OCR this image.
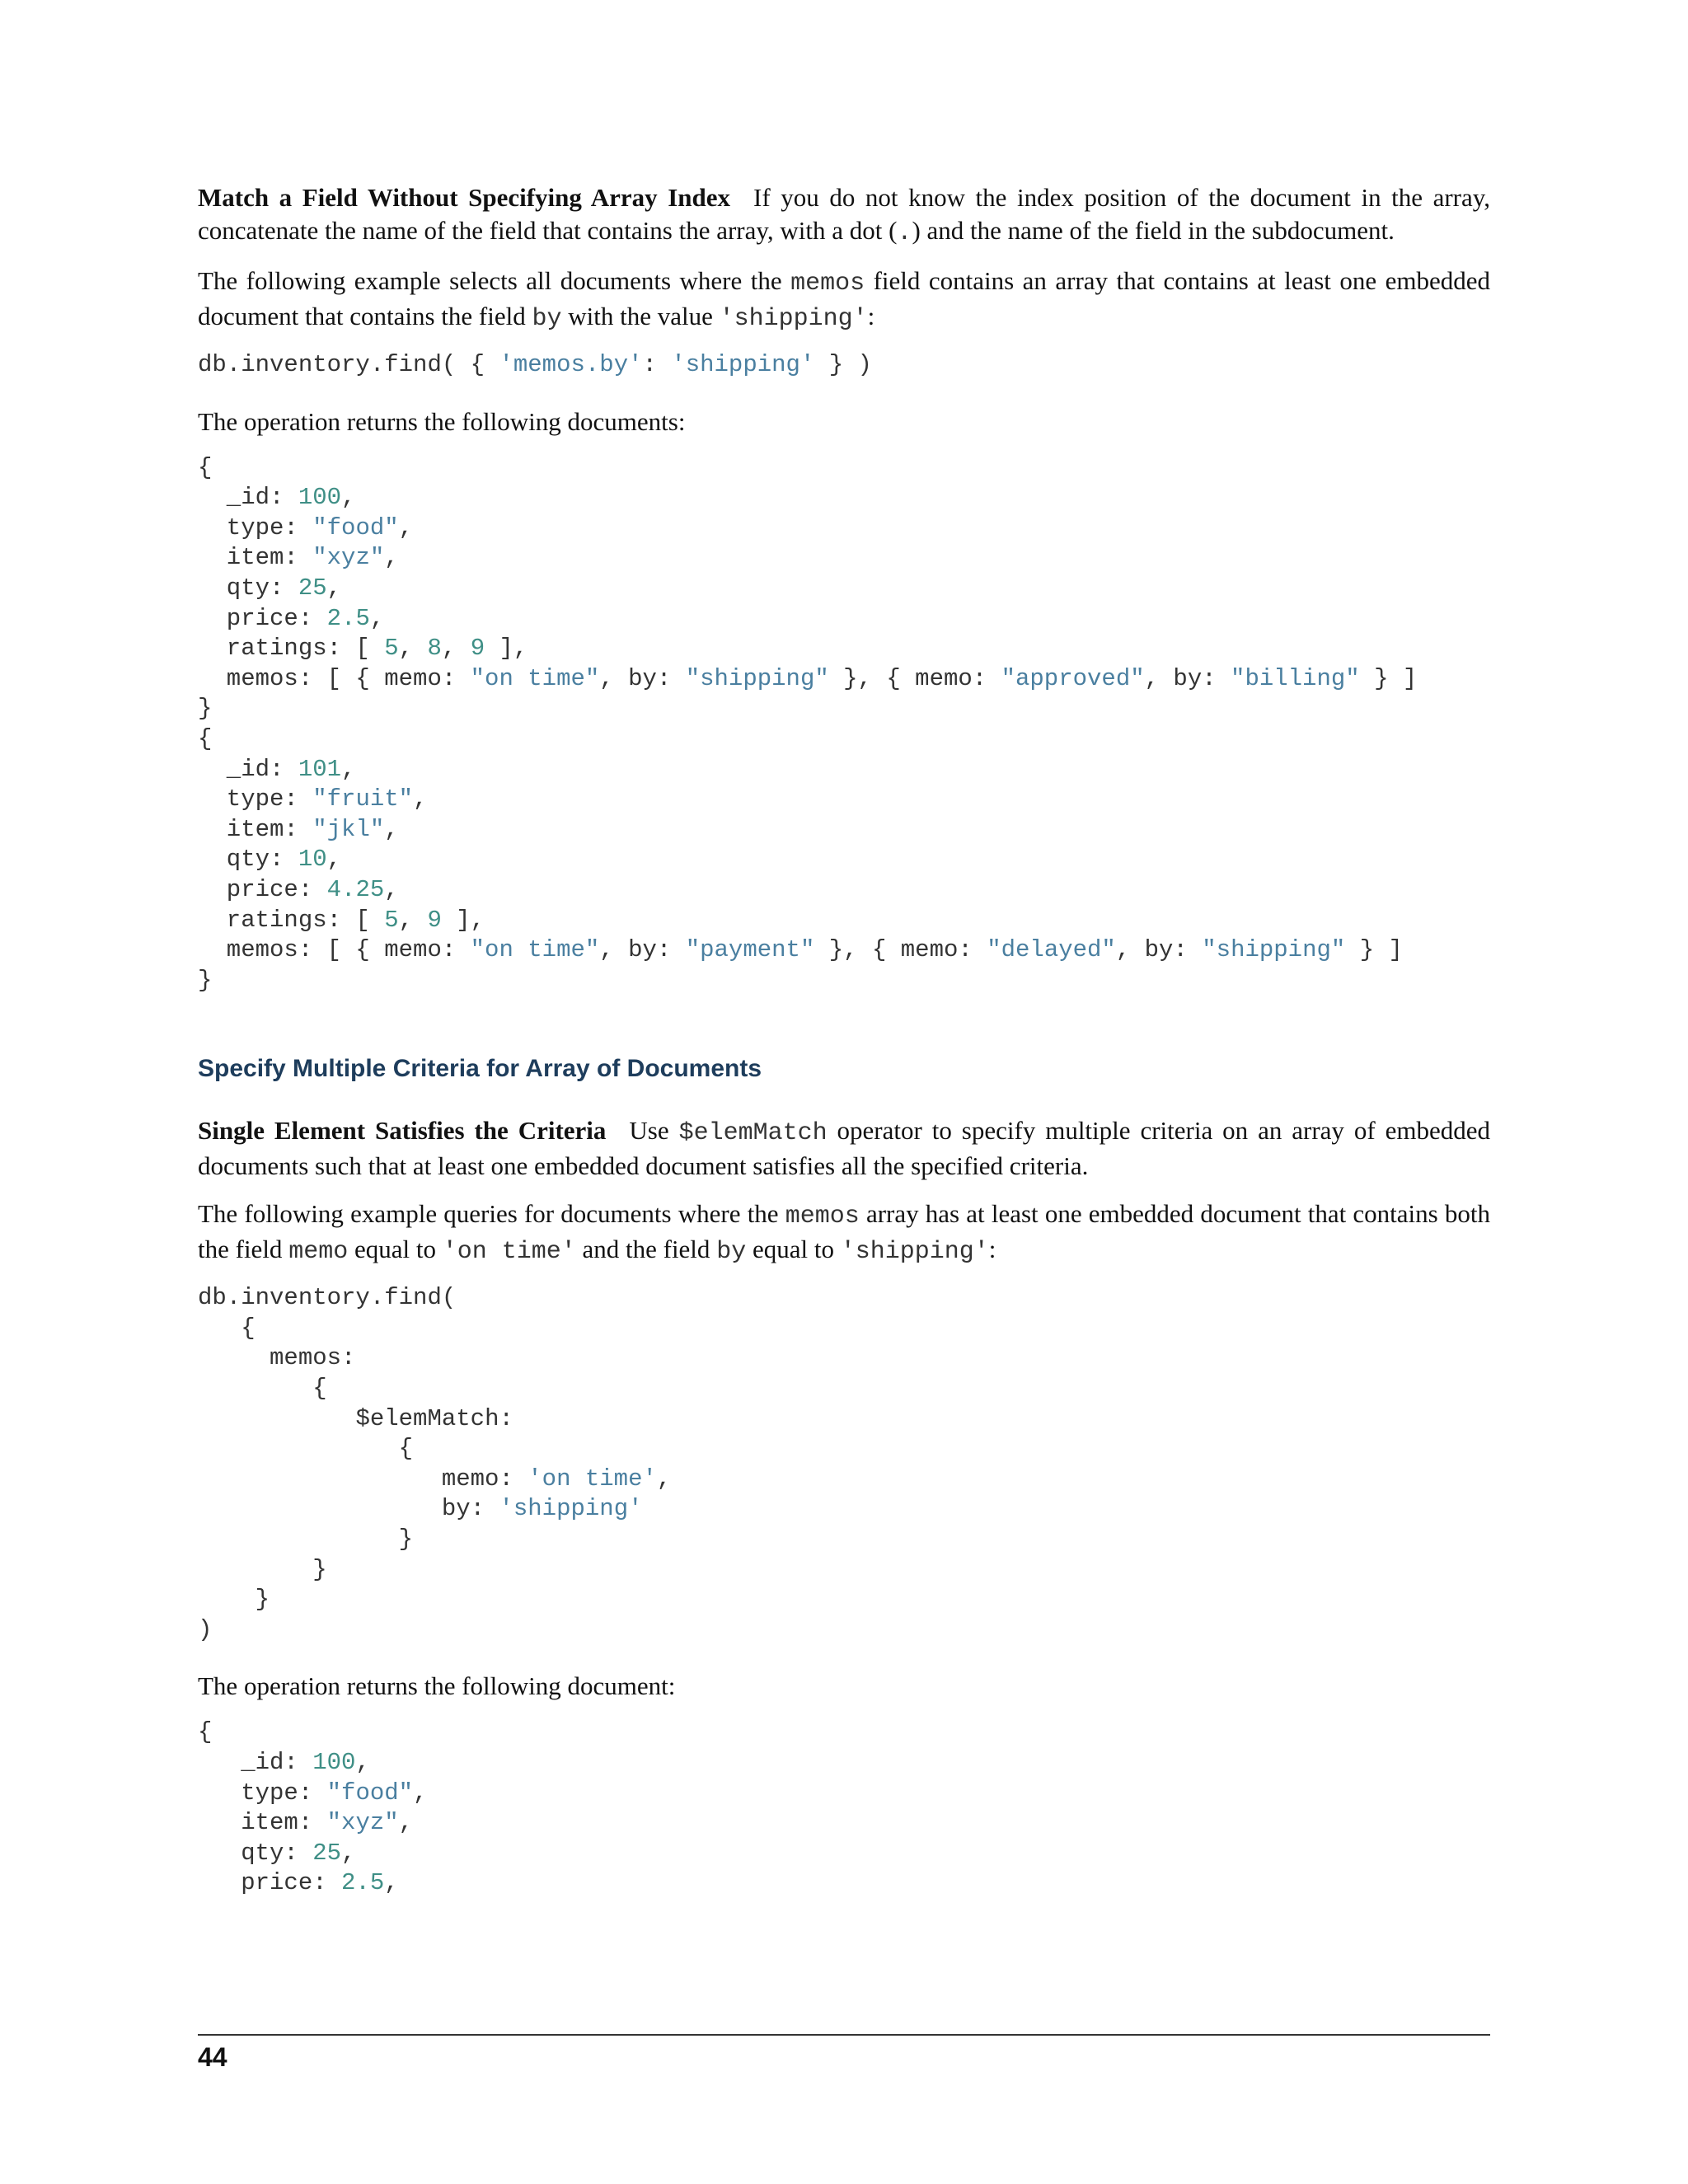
Match a Field Without Specifying Array Index If you do not know the index position of the document in the array, concatenate the name of the field that contains the array, with a dot (.) and the name of the field in the subdocument.

The following example selects all documents where the memos field contains an array that contains at least one embedded document that contains the field by with the value 'shipping':

db.inventory.find( { 'memos.by': 'shipping' } )

The operation returns the following documents:

{
_id: 100,
type: "food",
item: "xyz",
qty: 25,
price: 2.5,
ratings: [ 5, 8, 9 ],
memos: [ { memo: "on time", by: "shipping" }, { memo: "approved", by: "billing" } ]
}
{
_id: 101,
type: "fruit",
item: "jkl",
qty: 10,
price: 4.25,
ratings: [ 5, 9 ],
memos: [ { memo: "on time", by: "payment" }, { memo: "delayed", by: "shipping" } ]
}
Specify Multiple Criteria for Array of Documents

Single Element Satisfies the Criteria Use $elemMatch operator to specify multiple criteria on an array of embedded documents such that at least one embedded document satisfies all the specified criteria.

The following example queries for documents where the memos array has at least one embedded document that contains both the field memo equal to 'on time' and the field by equal to 'shipping':

db.inventory.find(
{
memos:
{
$elemMatch:
{
memo: 'on time',
by: 'shipping'
}
}
}
)

The operation returns the following document:

{
_id: 100,
type: "food",
item: "xyz",
qty: 25,
price: 2.5,
44
